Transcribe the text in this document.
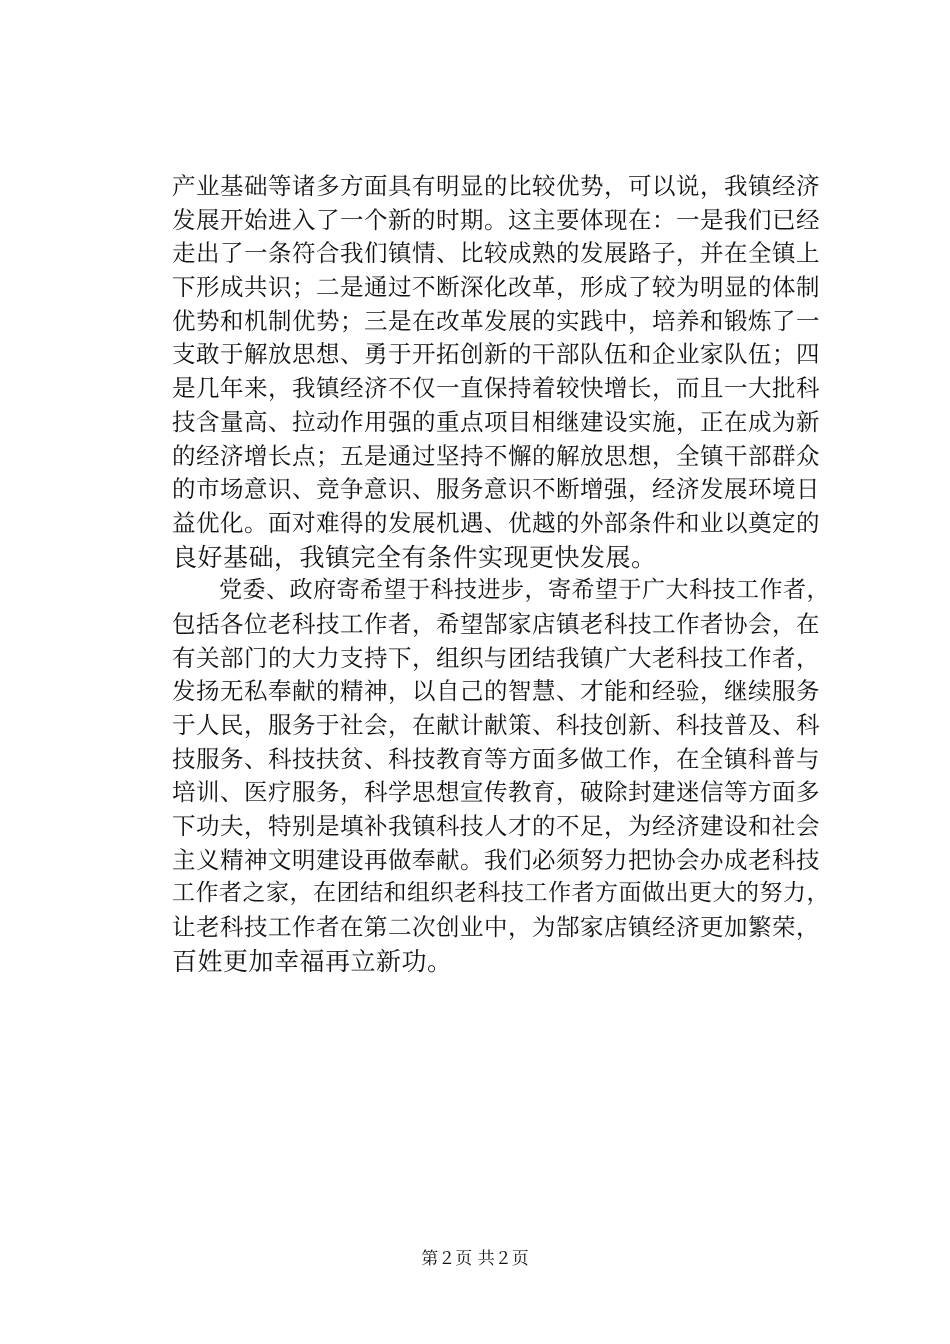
产业基础等诸多方面具有明显的比较优势，可以说，我镇经济
发展开始进入了一个新的时期。这主要体现在：一是我们已经
走出了一条符合我们镇情、比较成熟的发展路子，并在全镇上
下形成共识；二是通过不断深化改革，形成了较为明显的体制
优势和机制优势；三是在改革发展的实践中，培养和锻炼了一
支敢于解放思想、勇于开拓创新的干部队伍和企业家队伍；四
是几年来，我镇经济不仅一直保持着较快增长，而且一大批科
技含量高、拉动作用强的重点项目相继建设实施，正在成为新
的经济增长点；五是通过坚持不懈的解放思想，全镇干部群众
的市场意识、竞争意识、服务意识不断增强，经济发展环境日
益优化。面对难得的发展机遇、优越的外部条件和业以奠定的
良好基础，我镇完全有条件实现更快发展。
　　党委、政府寄希望于科技进步，寄希望于广大科技工作者，
包括各位老科技工作者，希望郜家店镇老科技工作者协会，在
有关部门的大力支持下，组织与团结我镇广大老科技工作者，
发扬无私奉献的精神，以自己的智慧、才能和经验，继续服务
于人民，服务于社会，在献计献策、科技创新、科技普及、科
技服务、科技扶贫、科技教育等方面多做工作，在全镇科普与
培训、医疗服务，科学思想宣传教育，破除封建迷信等方面多
下功夫，特别是填补我镇科技人才的不足，为经济建设和社会
主义精神文明建设再做奉献。我们必须努力把协会办成老科技
工作者之家，在团结和组织老科技工作者方面做出更大的努力，
让老科技工作者在第二次创业中，为郜家店镇经济更加繁荣，
百姓更加幸福再立新功。
第２页 共２页
